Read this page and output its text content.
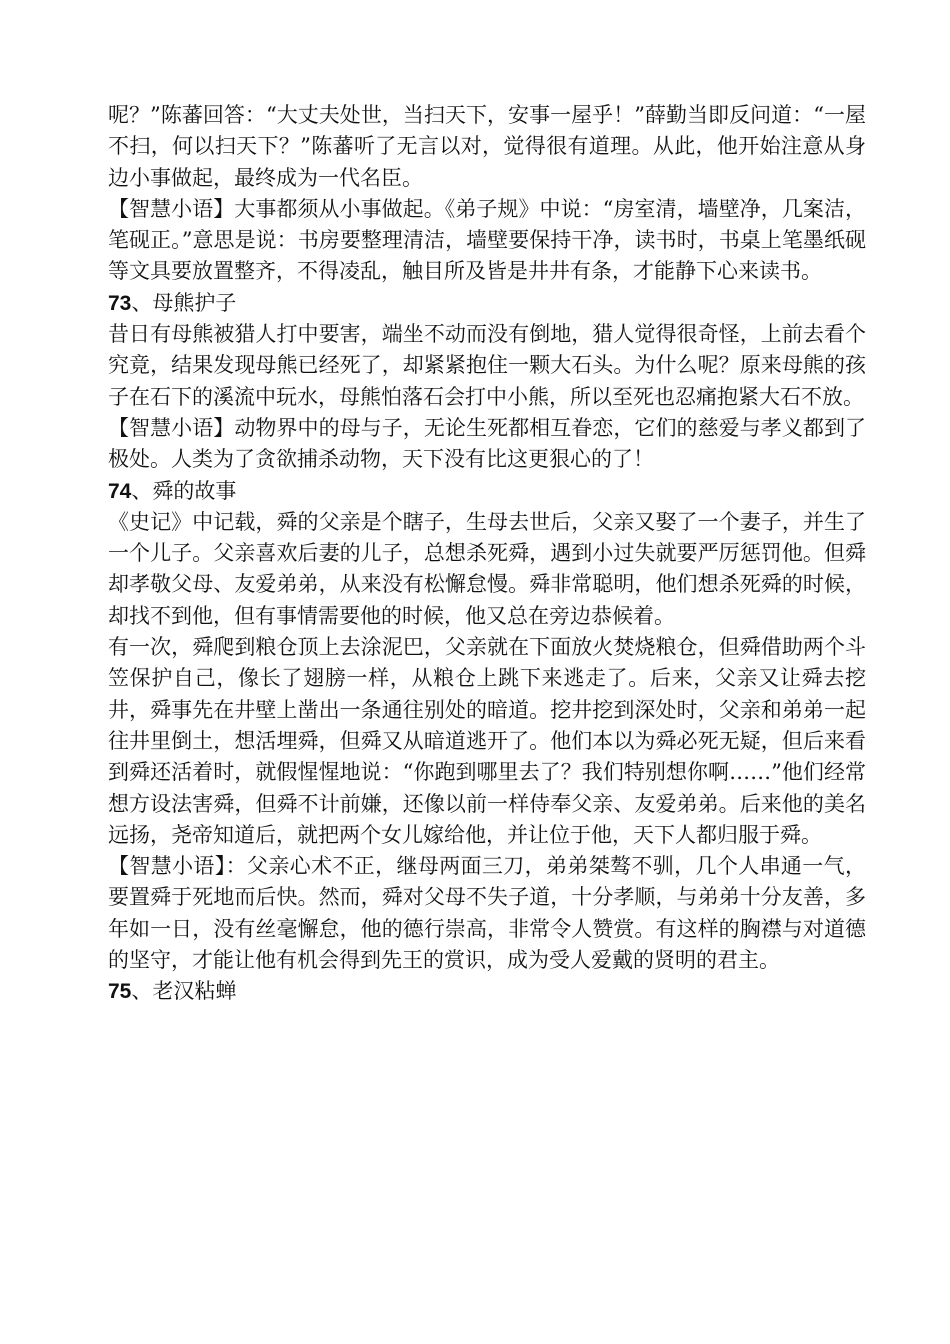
呢？”陈蕃回答：“大丈夫处世，当扫天下，安事一屋乎！”薛勤当即反问道：“一屋不扫，何以扫天下？”陈蕃听了无言以对，觉得很有道理。从此，他开始注意从身边小事做起，最终成为一代名臣。

【智慧小语】大事都须从小事做起。《弟子规》中说：“房室清，墙壁净，几案洁，笔砚正。”意思是说：书房要整理清洁，墙壁要保持干净，读书时，书桌上笔墨纸砚等文具要放置整齐，不得凌乱，触目所及皆是井井有条，才能静下心来读书。

73、母熊护子

昔日有母熊被猎人打中要害，端坐不动而没有倒地，猎人觉得很奇怪，上前去看个究竟，结果发现母熊已经死了，却紧紧抱住一颗大石头。为什么呢？原来母熊的孩子在石下的溪流中玩水，母熊怕落石会打中小熊，所以至死也忍痛抱紧大石不放。

【智慧小语】动物界中的母与子，无论生死都相互眷恋，它们的慈爱与孝义都到了极处。人类为了贪欲捕杀动物，天下没有比这更狠心的了！

74、舜的故事

《史记》中记载，舜的父亲是个瞎子，生母去世后，父亲又娶了一个妻子，并生了一个儿子。父亲喜欢后妻的儿子，总想杀死舜，遇到小过失就要严厉惩罚他。但舜却孝敬父母、友爱弟弟，从来没有松懈怠慢。舜非常聪明，他们想杀死舜的时候，却找不到他，但有事情需要他的时候，他又总在旁边恭候着。

有一次，舜爬到粮仓顶上去涂泥巴，父亲就在下面放火焚烧粮仓，但舜借助两个斗笠保护自己，像长了翅膀一样，从粮仓上跳下来逃走了。后来，父亲又让舜去挖井，舜事先在井壁上凿出一条通往别处的暗道。挖井挖到深处时，父亲和弟弟一起往井里倒土，想活埋舜，但舜又从暗道逃开了。他们本以为舜必死无疑，但后来看到舜还活着时，就假惺惺地说：“你跑到哪里去了？我们特别想你啊……”他们经常想方设法害舜，但舜不计前嫌，还像以前一样侍奉父亲、友爱弟弟。后来他的美名远扬，尧帝知道后，就把两个女儿嫁给他，并让位于他，天下人都归服于舜。

【智慧小语】：父亲心术不正，继母两面三刀，弟弟桀骜不驯，几个人串通一气，要置舜于死地而后快。然而，舜对父母不失子道，十分孝顺，与弟弟十分友善，多年如一日，没有丝毫懈怠，他的德行崇高，非常令人赞赏。有这样的胸襟与对道德的坚守，才能让他有机会得到先王的赏识，成为受人爱戴的贤明的君主。

75、老汉粘蝉
